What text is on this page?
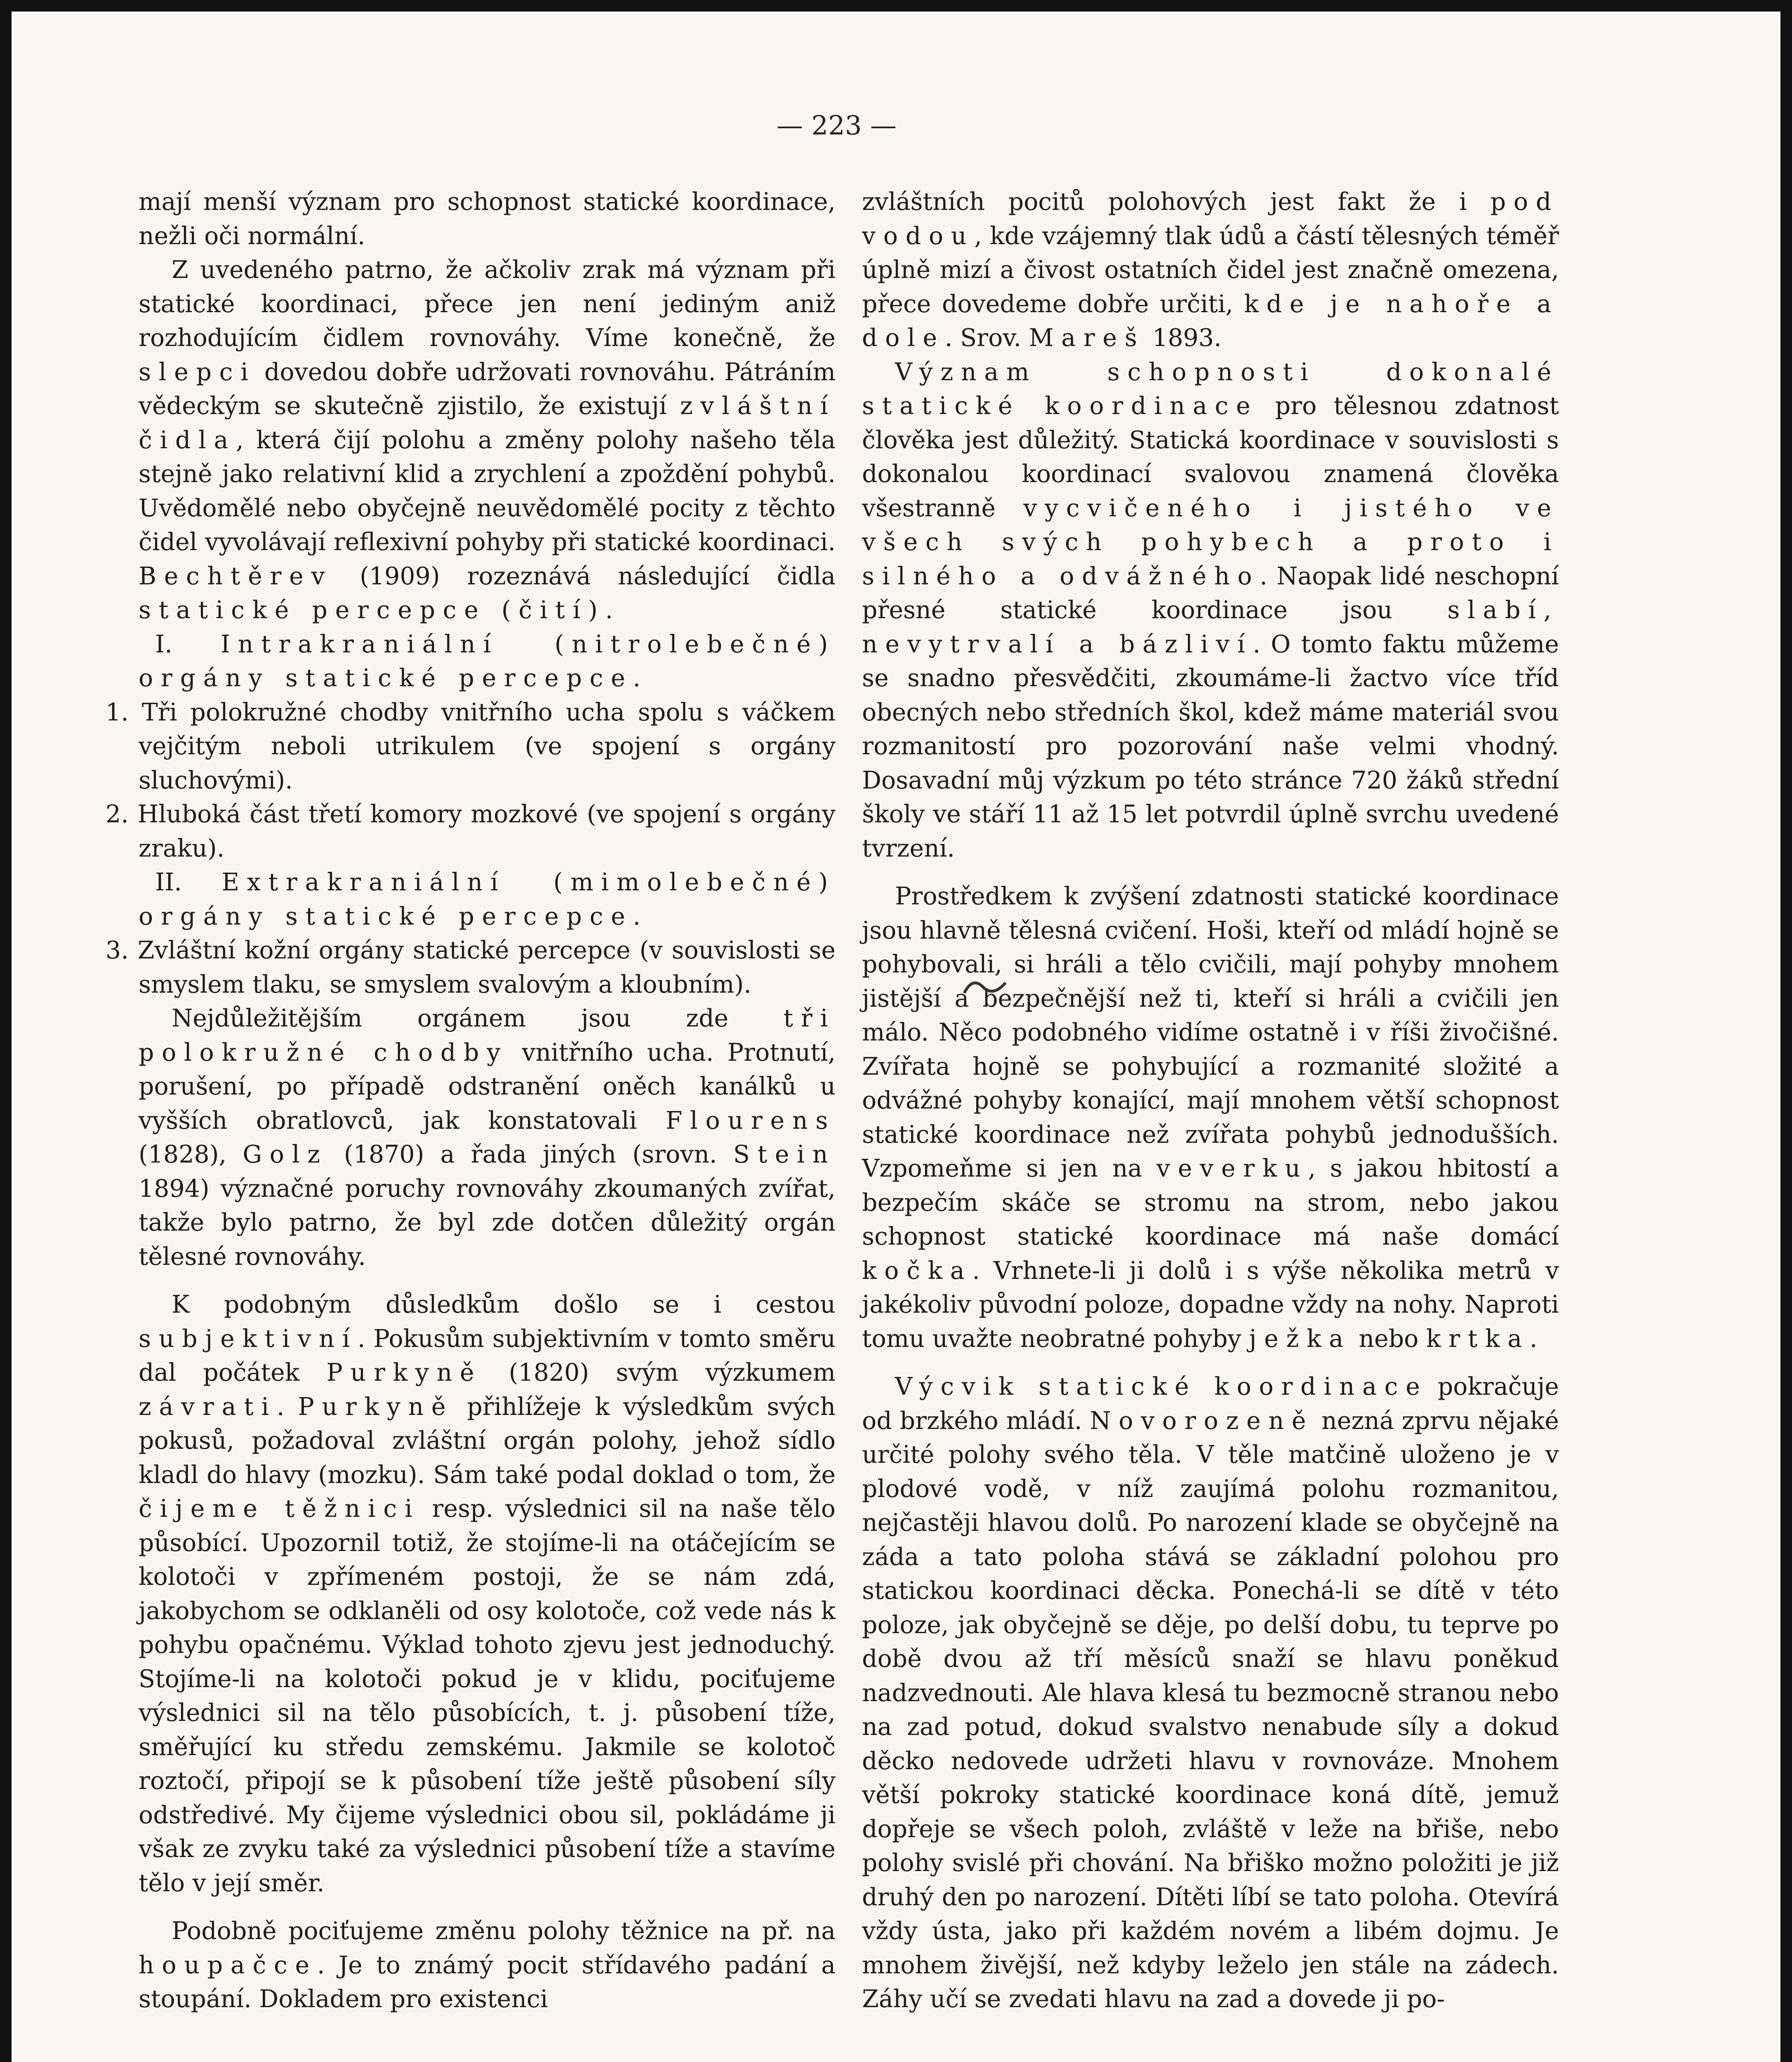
— 223 —

mají menší význam pro schopnost statické koordinace, nežli oči normální.

Z uvedeného patrno, že ačkoliv zrak má význam při statické koordinaci, přece jen není jediným aniž rozhodujícím čidlem rovnováhy. Víme konečně, že slepci dovedou dobře udržovati rovnováhu. Pátráním vědeckým se skutečně zjistilo, že existují zvláštní čidla, která čijí polohu a změny polohy našeho těla stejně jako relativní klid a zrychlení a zpoždění pohybů. Uvědomělé nebo obyčejně neuvědomělé pocity z těchto čidel vyvolávají reflexivní pohyby při statické koordinaci. Bechtěrev (1909) rozeznává následující čidla statické percepce (čití).

I. Intrakraniální (nitrolebečné) orgány statické percepce.

1. Tři polokružné chodby vnitřního ucha spolu s váčkem vejčitým neboli utrikulem (ve spojení s orgány sluchovými).

2. Hluboká část třetí komory mozkové (ve spojení s orgány zraku).

II. Extrakraniální (mimolebečné) orgány statické percepce.

3. Zvláštní kožní orgány statické percepce (v souvislosti se smyslem tlaku, se smyslem svalovým a kloubním).

Nejdůležitějším orgánem jsou zde tři polokružné chodby vnitřního ucha. Protnutí, porušení, po případě odstranění oněch kanálků u vyšších obratlovců, jak konstatovali Flourens (1828), Golz (1870) a řada jiných (srovn. Stein 1894) význačné poruchy rovnováhy zkoumaných zvířat, takže bylo patrno, že byl zde dotčen důležitý orgán tělesné rovnováhy.

K podobným důsledkům došlo se i cestou subjektivní. Pokusům subjektivním v tomto směru dal počátek Purkyně (1820) svým výzkumem závrati. Purkyně přihlížeje k výsledkům svých pokusů, požadoval zvláštní orgán polohy, jehož sídlo kladl do hlavy (mozku). Sám také podal doklad o tom, že čijeme těžnici resp. výslednici sil na naše tělo působící. Upozornil totiž, že stojíme-li na otáčejícím se kolotoči v zpřímeném postoji, že se nám zdá, jakobychom se odklaněli od osy kolotoče, což vede nás k pohybu opačnému. Výklad tohoto zjevu jest jednoduchý. Stojíme-li na kolotoči pokud je v klidu, pociťujeme výslednici sil na tělo působících, t. j. působení tíže, směřující ku středu zemskému. Jakmile se kolotoč roztočí, připojí se k působení tíže ještě působení síly odstředivé. My čijeme výslednici obou sil, pokládáme ji však ze zvyku také za výslednici působení tíže a stavíme tělo v její směr.

Podobně pociťujeme změnu polohy těžnice na př. na houpačce. Je to známý pocit střídavého padání a stoupání. Dokladem pro existenci

zvláštních pocitů polohových jest fakt že i pod vodou, kde vzájemný tlak údů a částí tělesných téměř úplně mizí a čivost ostatních čidel jest značně omezena, přece dovedeme dobře určiti, kde je nahoře a dole. Srov. Mareš 1893.

Význam schopnosti dokonalé statické koordinace pro tělesnou zdatnost člověka jest důležitý. Statická koordinace v souvislosti s dokonalou koordinací svalovou znamená člověka všestranně vycvičeného i jistého ve všech svých pohybech a proto i silného a odvážného. Naopak lidé neschopní přesné statické koordinace jsou slabí, nevytrvalí a bázliví. O tomto faktu můžeme se snadno přesvědčiti, zkoumáme-li žactvo více tříd obecných nebo středních škol, kdež máme materiál svou rozmanitostí pro pozorování naše velmi vhodný. Dosavadní můj výzkum po této stránce 720 žáků střední školy ve stáří 11 až 15 let potvrdil úplně svrchu uvedené tvrzení.

Prostředkem k zvýšení zdatnosti statické koordinace jsou hlavně tělesná cvičení. Hoši, kteří od mládí hojně se pohybovali, si hráli a tělo cvičili, mají pohyby mnohem jistější a bezpečnější než ti, kteří si hráli a cvičili jen málo. Něco podobného vidíme ostatně i v říši živočišné. Zvířata hojně se pohybující a rozmanité složité a odvážné pohyby konající, mají mnohem větší schopnost statické koordinace než zvířata pohybů jednodušších. Vzpomeňme si jen na veverku, s jakou hbitostí a bezpečím skáče se stromu na strom, nebo jakou schopnost statické koordinace má naše domácí kočka. Vrhnete-li ji dolů i s výše několika metrů v jakékoliv původní poloze, dopadne vždy na nohy. Naproti tomu uvažte neobratné pohyby ježka nebo krtka.

Výcvik statické koordinace pokračuje od brzkého mládí. Novorozeně nezná zprvu nějaké určité polohy svého těla. V těle matčině uloženo je v plodové vodě, v níž zaujímá polohu rozmanitou, nejčastěji hlavou dolů. Po narození klade se obyčejně na záda a tato poloha stává se základní polohou pro statickou koordinaci děcka. Ponechá-li se dítě v této poloze, jak obyčejně se děje, po delší dobu, tu teprve po době dvou až tří měsíců snaží se hlavu poněkud nadzvednouti. Ale hlava klesá tu bezmocně stranou nebo na zad potud, dokud svalstvo nenabude síly a dokud děcko nedovede udržeti hlavu v rovnováze. Mnohem větší pokroky statické koordinace koná dítě, jemuž dopřeje se všech poloh, zvláště v leže na břiše, nebo polohy svislé při chování. Na břiško možno položiti je již druhý den po narození. Dítěti líbí se tato poloha. Otevírá vždy ústa, jako při každém novém a libém dojmu. Je mnohem živější, než kdyby leželo jen stále na zádech. Záhy učí se zvedati hlavu na zad a dovede ji po-
